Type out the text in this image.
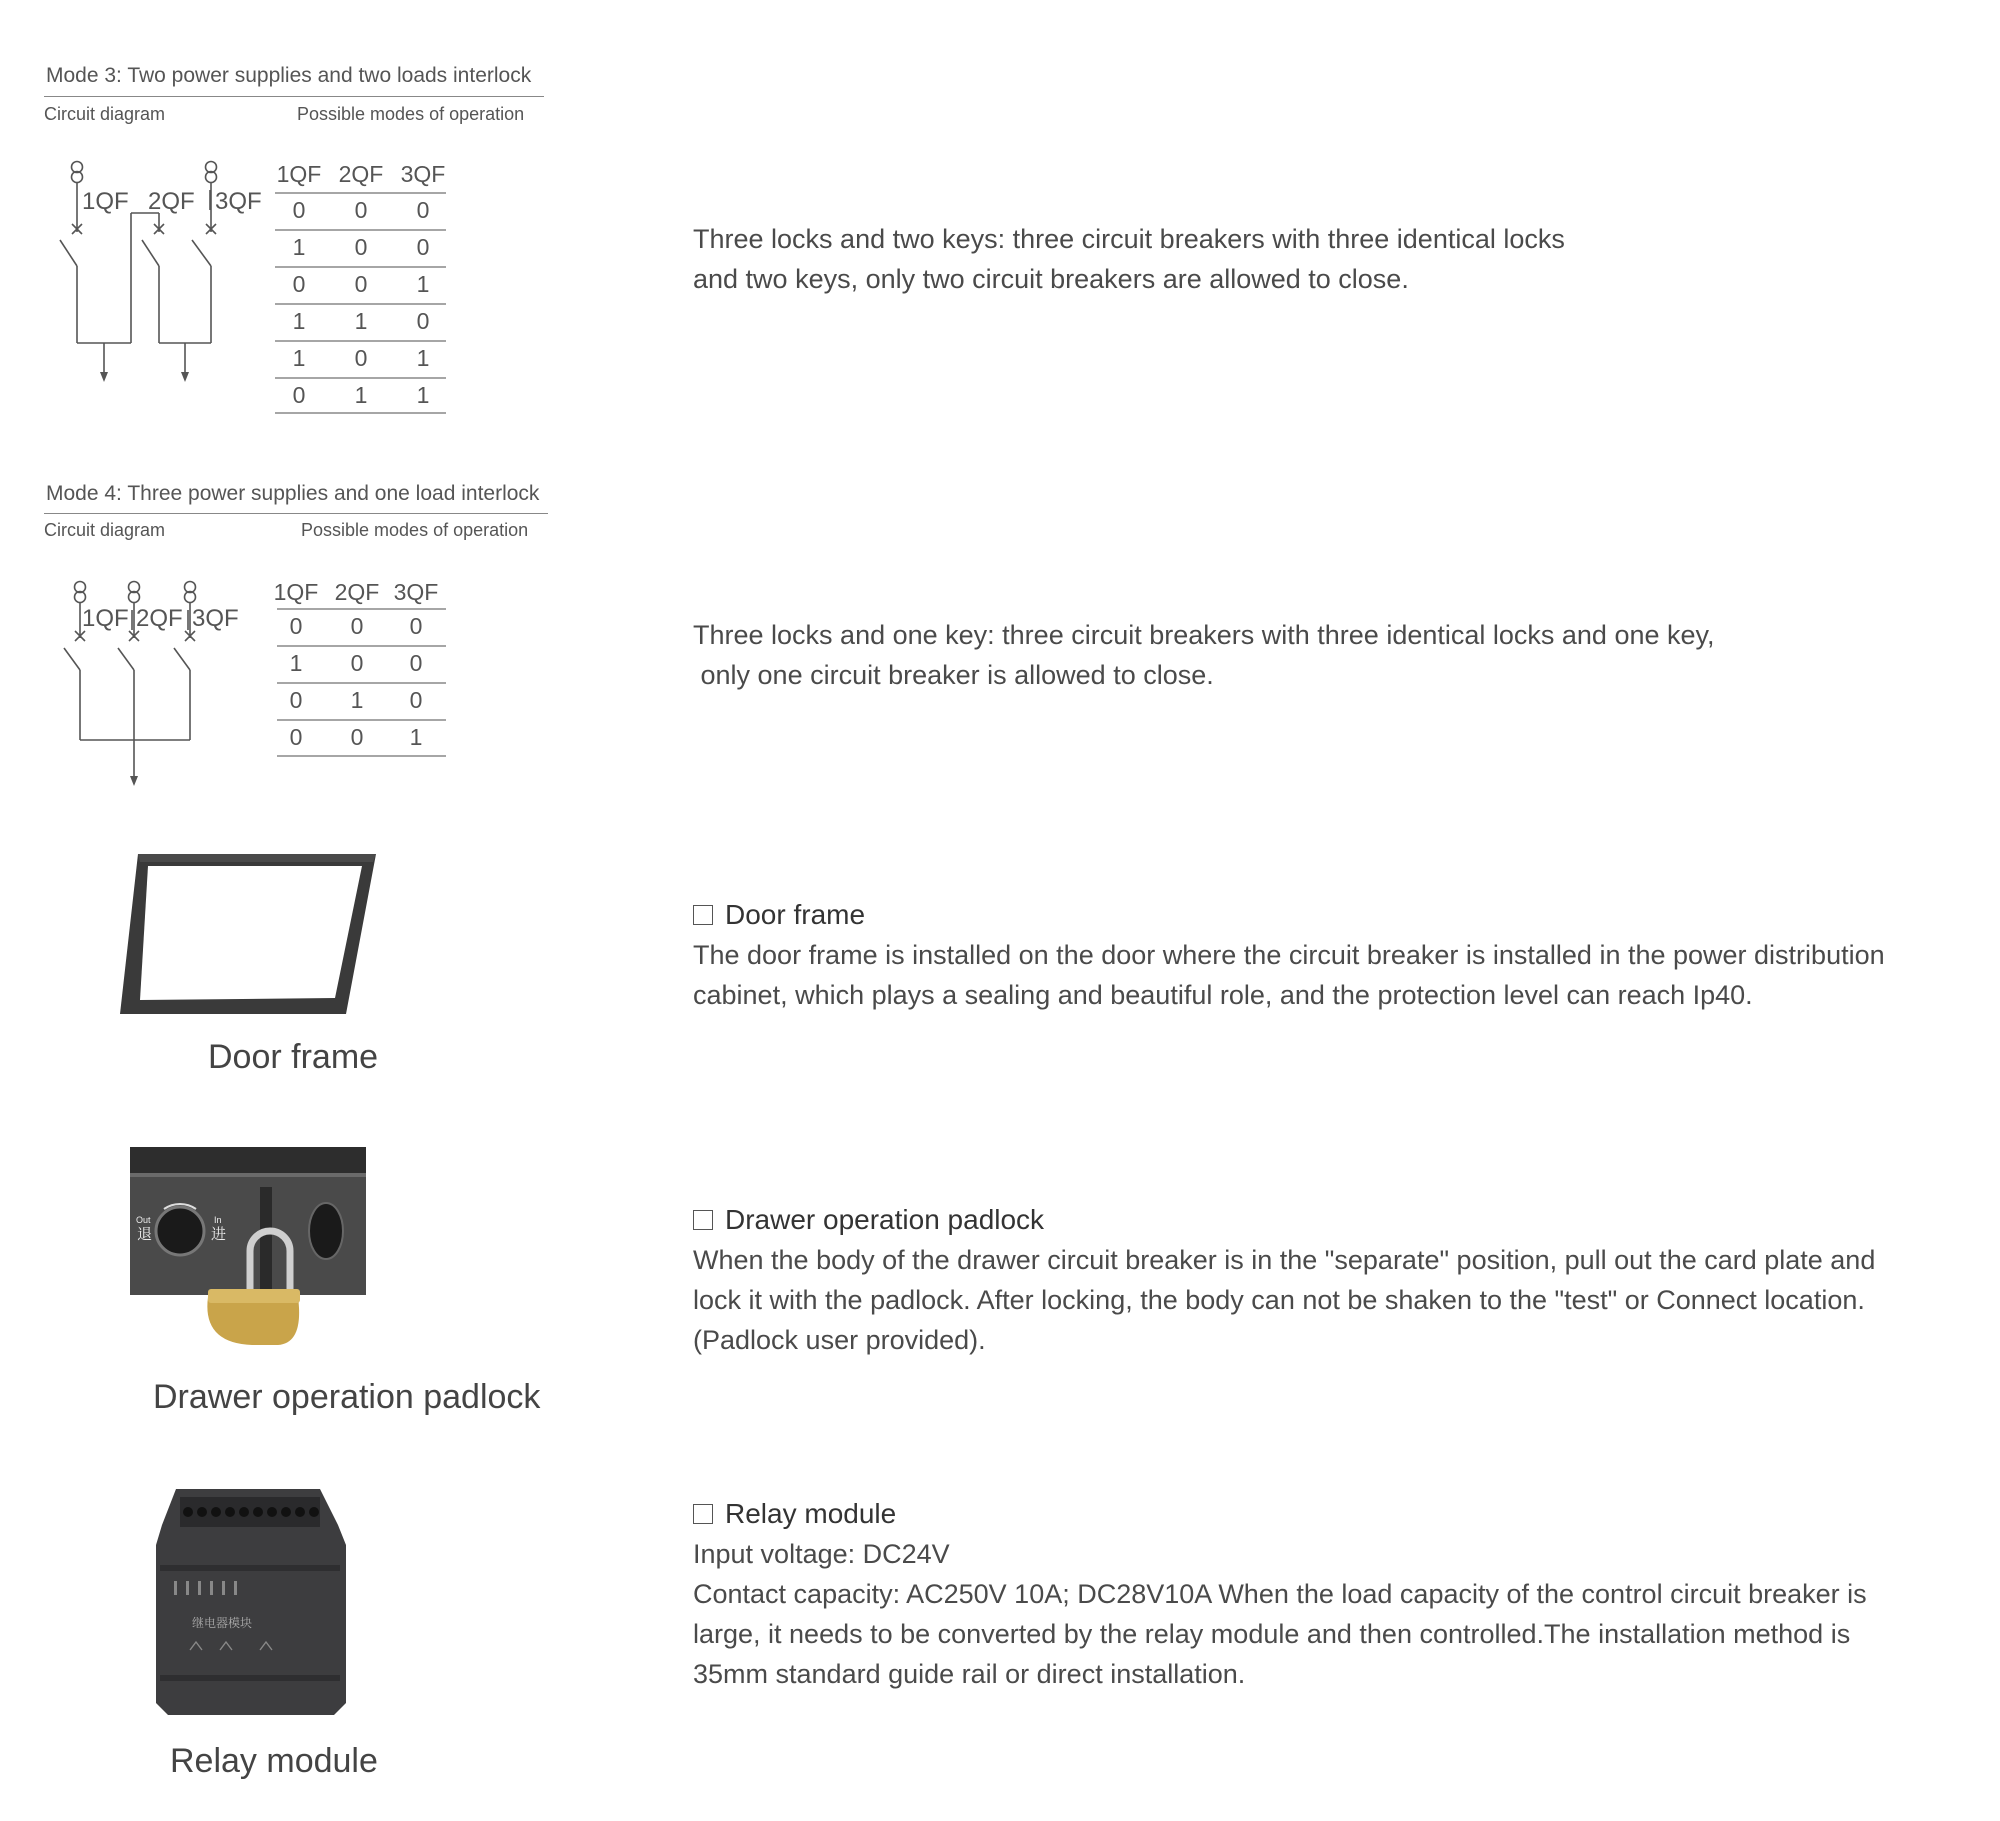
Mode 3: Two power supplies and two loads interlock
Circuit diagram	Possible modes of operation
1QF 2QF 3QF
1QF 2QF 3QF
0 0 0
1 0 0
0 0 1
1 1 0
1 0 1
0 1 1

Three locks and two keys: three circuit breakers with three identical locks

and two keys, only two circuit breakers are allowed to close.

Mode 4: Three power supplies and one load interlock
Circuit diagram	Possible modes of operation
1QF 2QF 3QF
1QF 2QF 3QF
0 0 0
1 0 0
0 1 0
0 0 1

Three locks and one key: three circuit breakers with three identical locks and one key,

only one circuit breaker is allowed to close.

Door frame
Door frame

The door frame is installed on the door where the circuit breaker is installed in the power distribution

cabinet, which plays a sealing and beautiful role, and the protection level can reach Ip40.

Out
退
In
进
Drawer operation padlock
Drawer operation padlock

When the body of the drawer circuit breaker is in the "separate" position, pull out the card plate and

lock it with the padlock. After locking, the body can not be shaken to the "test" or Connect location.

(Padlock user provided).

继电器模块
Relay module
Relay module

Input voltage: DC24V

Contact capacity: AC250V 10A; DC28V10A When the load capacity of the control circuit breaker is

large, it needs to be converted by the relay module and then controlled.The installation method is

35mm standard guide rail or direct installation.
